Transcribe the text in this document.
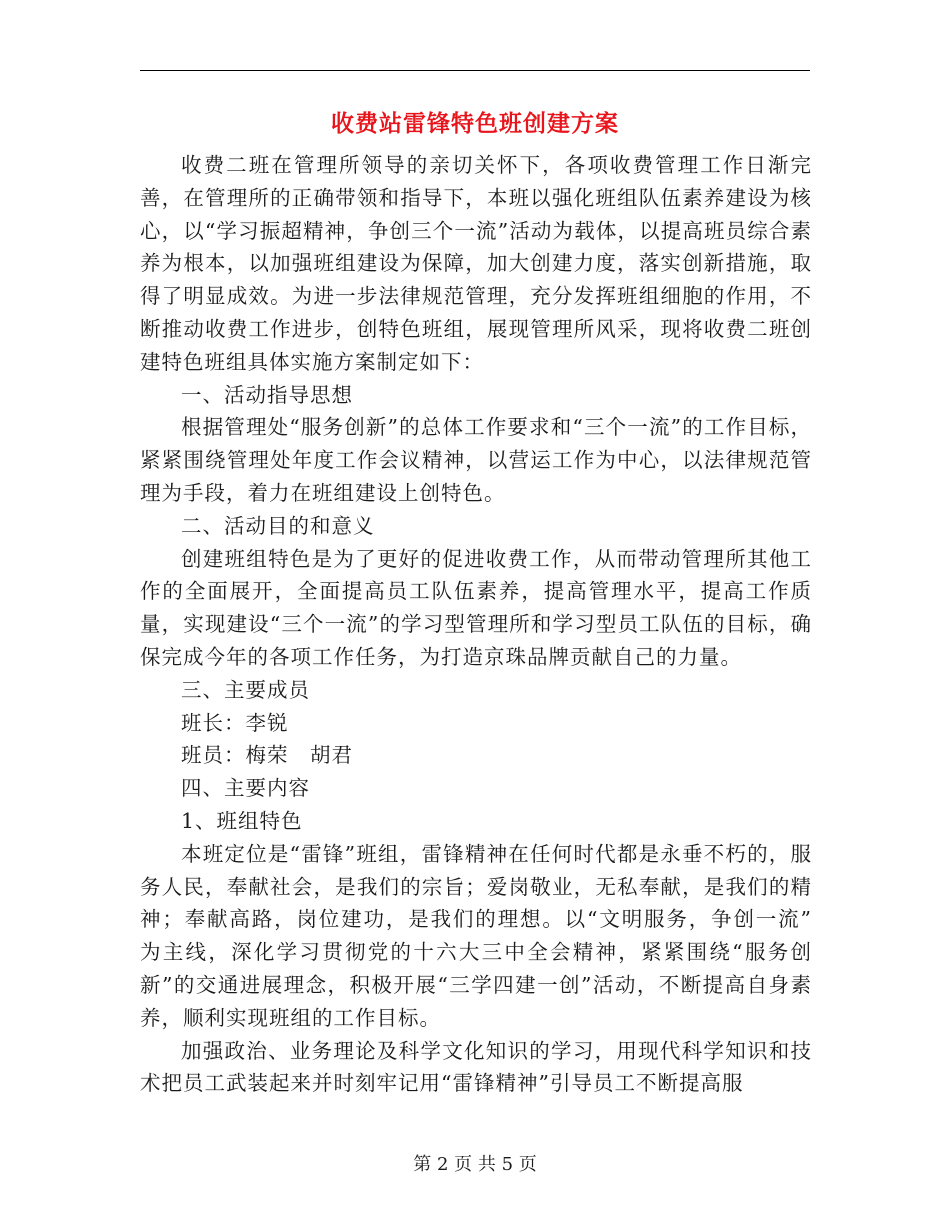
收费站雷锋特色班创建方案

收费二班在管理所领导的亲切关怀下，各项收费管理工作日渐完善，在管理所的正确带领和指导下，本班以强化班组队伍素养建设为核心，以“学习振超精神，争创三个一流”活动为载体，以提高班员综合素养为根本，以加强班组建设为保障，加大创建力度，落实创新措施，取得了明显成效。为进一步法律规范管理，充分发挥班组细胞的作用，不断推动收费工作进步，创特色班组，展现管理所风采，现将收费二班创建特色班组具体实施方案制定如下：

一、活动指导思想

根据管理处“服务创新”的总体工作要求和“三个一流”的工作目标，紧紧围绕管理处年度工作会议精神，以营运工作为中心，以法律规范管理为手段，着力在班组建设上创特色。

二、活动目的和意义

创建班组特色是为了更好的促进收费工作，从而带动管理所其他工作的全面展开，全面提高员工队伍素养，提高管理水平，提高工作质量，实现建设“三个一流”的学习型管理所和学习型员工队伍的目标，确保完成今年的各项工作任务，为打造京珠品牌贡献自己的力量。

三、主要成员

班长：李锐

班员：梅荣　胡君

四、主要内容

1、班组特色

本班定位是“雷锋”班组，雷锋精神在任何时代都是永垂不朽的，服务人民，奉献社会，是我们的宗旨；爱岗敬业，无私奉献，是我们的精神；奉献高路，岗位建功，是我们的理想。以“文明服务，争创一流”　为主线，深化学习贯彻党的十六大三中全会精神，紧紧围绕“服务创新”的交通进展理念，积极开展“三学四建一创”活动，不断提高自身素养，顺利实现班组的工作目标。

加强政治、业务理论及科学文化知识的学习，用现代科学知识和技术把员工武装起来并时刻牢记用“雷锋精神”引导员工不断提高服

第 2 页 共 5 页
